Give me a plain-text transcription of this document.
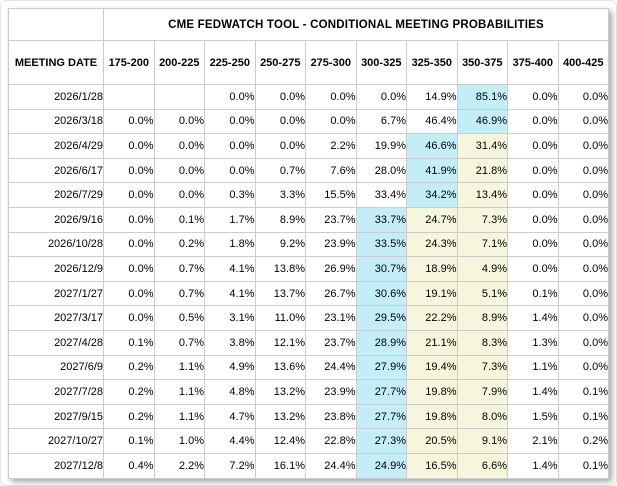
	CME FEDWATCH TOOL - CONDITIONAL MEETING PROBABILITIES									
MEETING DATE	175-200	200-225	225-250	250-275	275-300	300-325	325-350	350-375	375-400	400-425
2026/1/28			0.0%	0.0%	0.0%	0.0%	14.9%	85.1%	0.0%	0.0%
2026/3/18	0.0%	0.0%	0.0%	0.0%	0.0%	6.7%	46.4%	46.9%	0.0%	0.0%
2026/4/29	0.0%	0.0%	0.0%	0.0%	2.2%	19.9%	46.6%	31.4%	0.0%	0.0%
2026/6/17	0.0%	0.0%	0.0%	0.7%	7.6%	28.0%	41.9%	21.8%	0.0%	0.0%
2026/7/29	0.0%	0.0%	0.3%	3.3%	15.5%	33.4%	34.2%	13.4%	0.0%	0.0%
2026/9/16	0.0%	0.1%	1.7%	8.9%	23.7%	33.7%	24.7%	7.3%	0.0%	0.0%
2026/10/28	0.0%	0.2%	1.8%	9.2%	23.9%	33.5%	24.3%	7.1%	0.0%	0.0%
2026/12/9	0.0%	0.7%	4.1%	13.8%	26.9%	30.7%	18.9%	4.9%	0.0%	0.0%
2027/1/27	0.0%	0.7%	4.1%	13.7%	26.7%	30.6%	19.1%	5.1%	0.1%	0.0%
2027/3/17	0.0%	0.5%	3.1%	11.0%	23.1%	29.5%	22.2%	8.9%	1.4%	0.0%
2027/4/28	0.1%	0.7%	3.8%	12.1%	23.7%	28.9%	21.1%	8.3%	1.3%	0.0%
2027/6/9	0.2%	1.1%	4.9%	13.6%	24.4%	27.9%	19.4%	7.3%	1.1%	0.0%
2027/7/28	0.2%	1.1%	4.8%	13.2%	23.9%	27.7%	19.8%	7.9%	1.4%	0.1%
2027/9/15	0.2%	1.1%	4.7%	13.2%	23.8%	27.7%	19.8%	8.0%	1.5%	0.1%
2027/10/27	0.1%	1.0%	4.4%	12.4%	22.8%	27.3%	20.5%	9.1%	2.1%	0.2%
2027/12/8	0.4%	2.2%	7.2%	16.1%	24.4%	24.9%	16.5%	6.6%	1.4%	0.1%
